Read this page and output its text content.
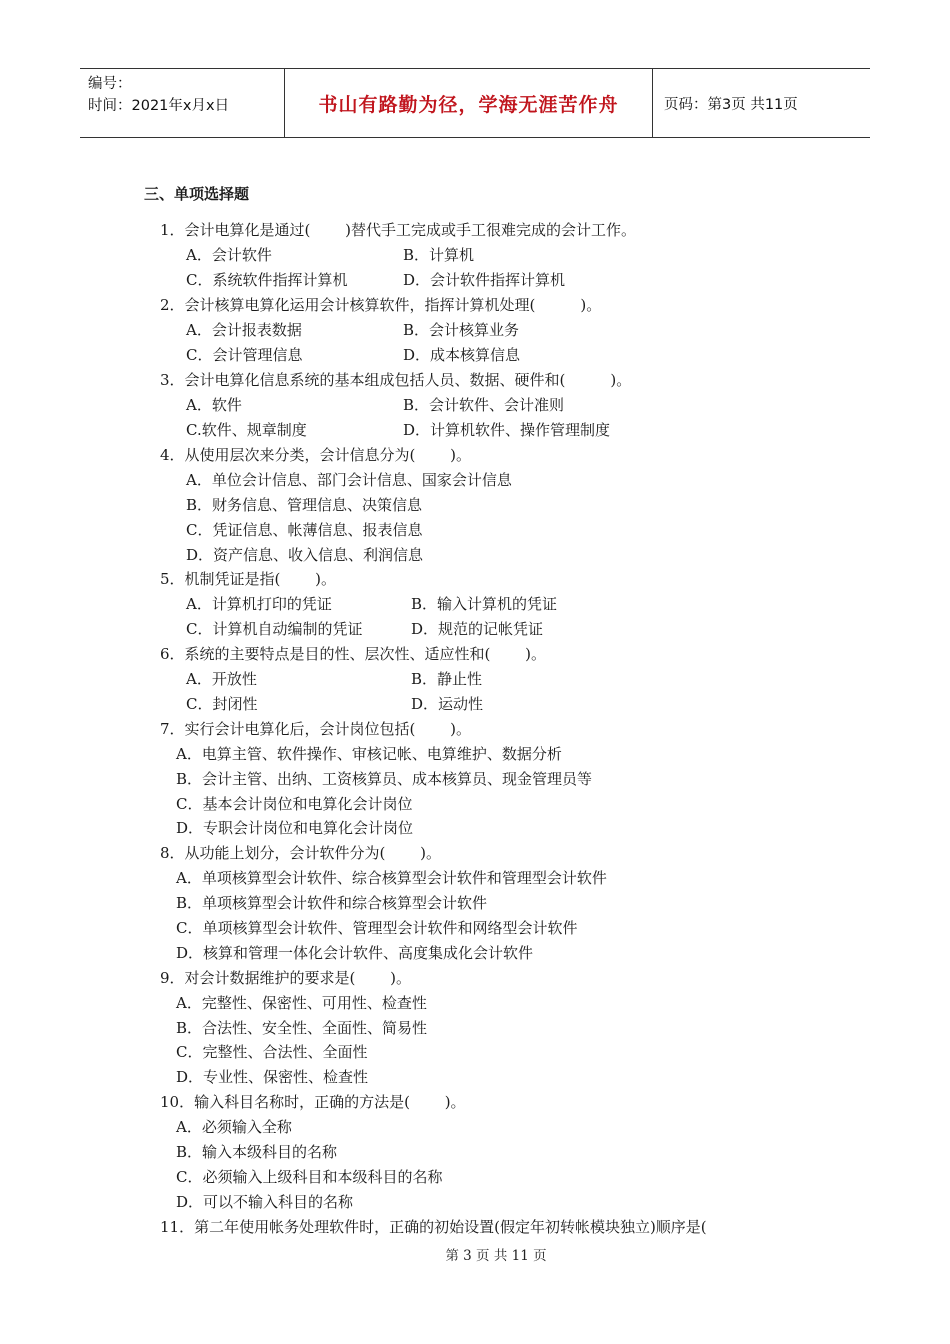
编号：
时间：2021年x月x日	书山有路勤为径，学海无涯苦作舟	页码：第3页 共11页
三、单项选择题
1．会计电算化是通过(　　 )替代手工完成或手工很难完成的会计工作。
A．会计软件	B．计算机
C．系统软件指挥计算机	D．会计软件指挥计算机
2．会计核算电算化运用会计核算软件，指挥计算机处理(　　　)。
A．会计报表数据	B．会计核算业务
C．会计管理信息	D．成本核算信息
3．会计电算化信息系统的基本组成包括人员、数据、硬件和(　　　)。
A．软件	B．会计软件、会计准则
C.软件、规章制度	D．计算机软件、操作管理制度
4．从使用层次来分类，会计信息分为(　　 )。
A．单位会计信息、部门会计信息、国家会计信息
B．财务信息、管理信息、决策信息
C．凭证信息、帐薄信息、报表信息
D．资产信息、收入信息、利润信息
5．机制凭证是指(　　 )。
A．计算机打印的凭证	B．输入计算机的凭证
C．计算机自动编制的凭证	D．规范的记帐凭证
6．系统的主要特点是目的性、层次性、适应性和(　　 )。
A．开放性	B．静止性
C．封闭性	D．运动性
7．实行会计电算化后，会计岗位包括(　　 )。
A．电算主管、软件操作、审核记帐、电算维护、数据分析
B．会计主管、出纳、工资核算员、成本核算员、现金管理员等
C．基本会计岗位和电算化会计岗位
D．专职会计岗位和电算化会计岗位
8．从功能上划分，会计软件分为(　　 )。
A．单项核算型会计软件、综合核算型会计软件和管理型会计软件
B．单项核算型会计软件和综合核算型会计软件
C．单项核算型会计软件、管理型会计软件和网络型会计软件
D．核算和管理一体化会计软件、高度集成化会计软件
9．对会计数据维护的要求是(　　 )。
A．完整性、保密性、可用性、检查性
B．合法性、安全性、全面性、简易性
C．完整性、合法性、全面性
D．专业性、保密性、检查性
10．输入科目名称时，正确的方法是(　　 )。
A．必须输入全称
B．输入本级科目的名称
C．必须输入上级科目和本级科目的名称
D．可以不输入科目的名称
11．第二年使用帐务处理软件时，正确的初始设置(假定年初转帐模块独立)顺序是(
第 3 页 共 11 页
